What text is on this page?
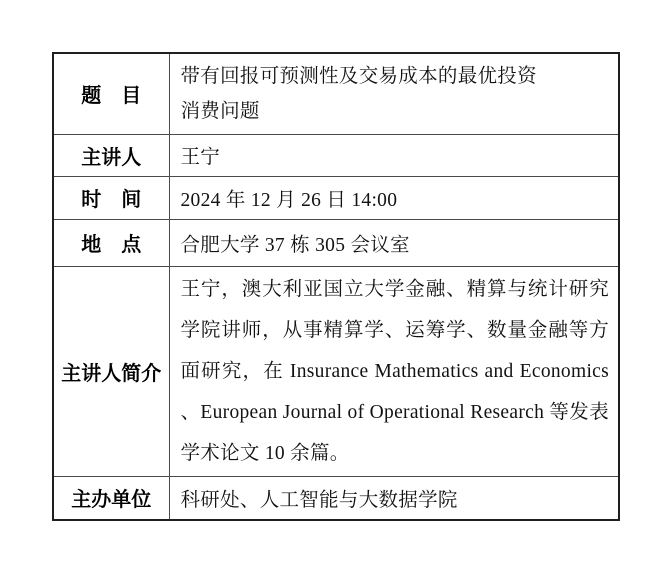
题　目	带有回报可预测性及交易成本的最优投资
消费问题

主讲人	王宁
时　间	2024 年 12 月 26 日 14:00
地　点	合肥大学 37 栋 305 会议室
主讲人简介	王宁，澳大利亚国立大学金融、精算与统计研究学院讲师，从事精算学、运筹学、数量金融等方面研究，在 Insurance Mathematics and Economics 、European Journal of Operational Research 等发表学术论文 10 余篇。

主办单位	科研处、人工智能与大数据学院
